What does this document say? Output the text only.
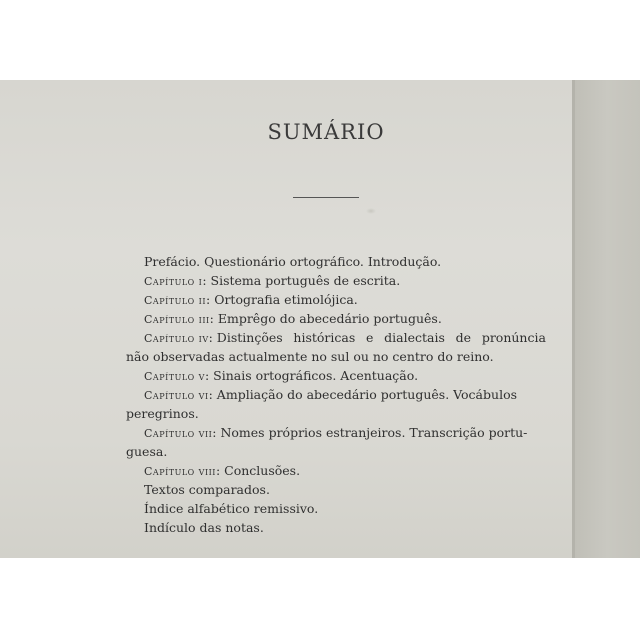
SUMÁRIO
Prefácio. Questionário ortográfico. Introdução.
Capítulo i: Sistema português de escrita.
Capítulo ii: Ortografia etimolójica.
Capítulo iii: Emprêgo do abecedário português.
Capítulo iv: Distinções históricas e dialectais de pronúncia
não observadas actualmente no sul ou no centro do reino.
Capítulo v: Sinais ortográficos. Acentuação.
Capítulo vi: Ampliação do abecedário português. Vocábulos
peregrinos.
Capítulo vii: Nomes próprios estranjeiros. Transcrição portu-
guesa.
Capítulo viii: Conclusões.
Textos comparados.
Índice alfabético remissivo.
Indículo das notas.
